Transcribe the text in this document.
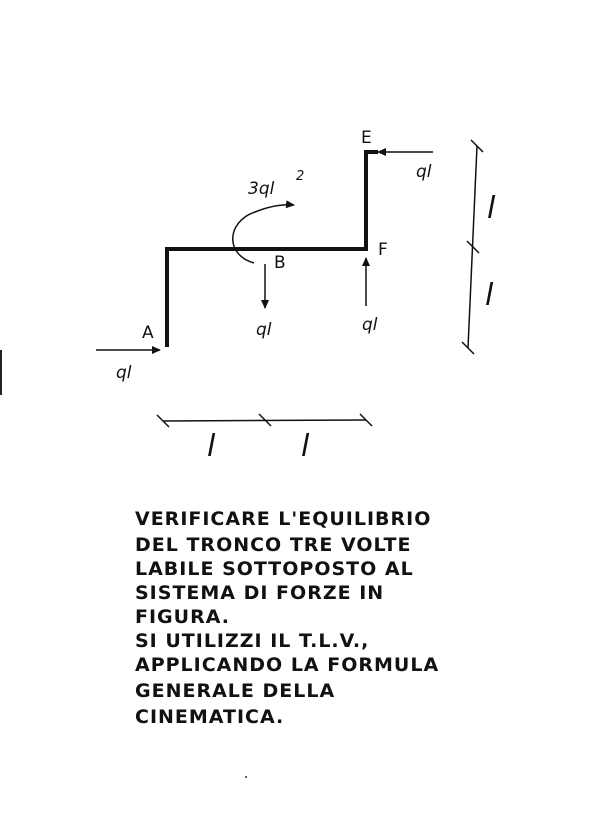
A
B
E
F
3ql
2
ql
ql
ql	ql
l
l
l	l
VERIFICARE L'EQUILIBRIO
DEL TRONCO TRE VOLTE
LABILE SOTTOPOSTO AL
SISTEMA DI FORZE IN
FIGURA.
SI UTILIZZI IL T.L.V.,
APPLICANDO LA FORMULA
GENERALE DELLA
CINEMATICA.
